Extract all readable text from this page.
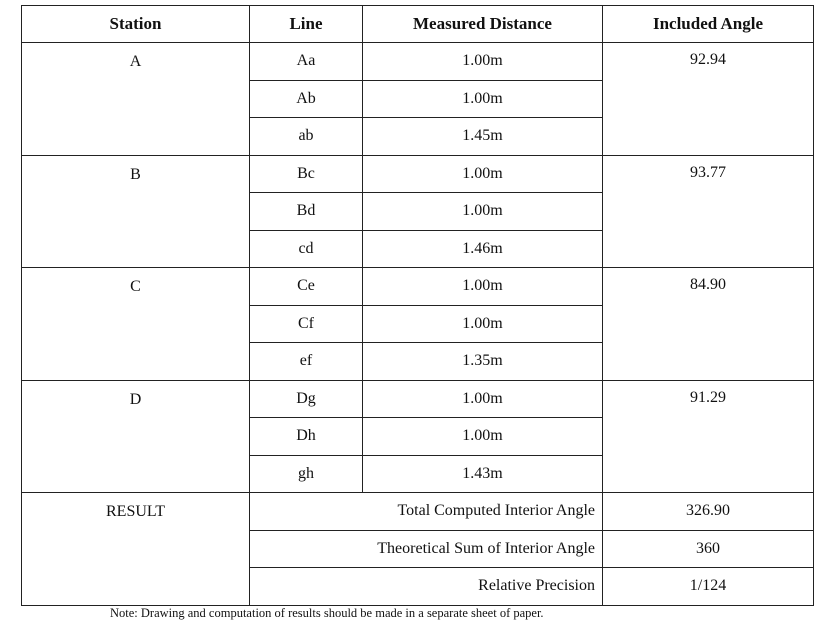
Station	Line	Measured Distance	Included Angle
A	Aa	1.00m	92.94
	Ab	1.00m	
	ab	1.45m	
B	Bc	1.00m	93.77
	Bd	1.00m	
	cd	1.46m	
C	Ce	1.00m	84.90
	Cf	1.00m	
	ef	1.35m	
D	Dg	1.00m	91.29
	Dh	1.00m	
	gh	1.43m	
RESULT	Total Computed Interior Angle		326.90
	Theoretical Sum of Interior Angle		360
	Relative Precision		1/124
Note: Drawing and computation of results should be made in a separate sheet of paper.
